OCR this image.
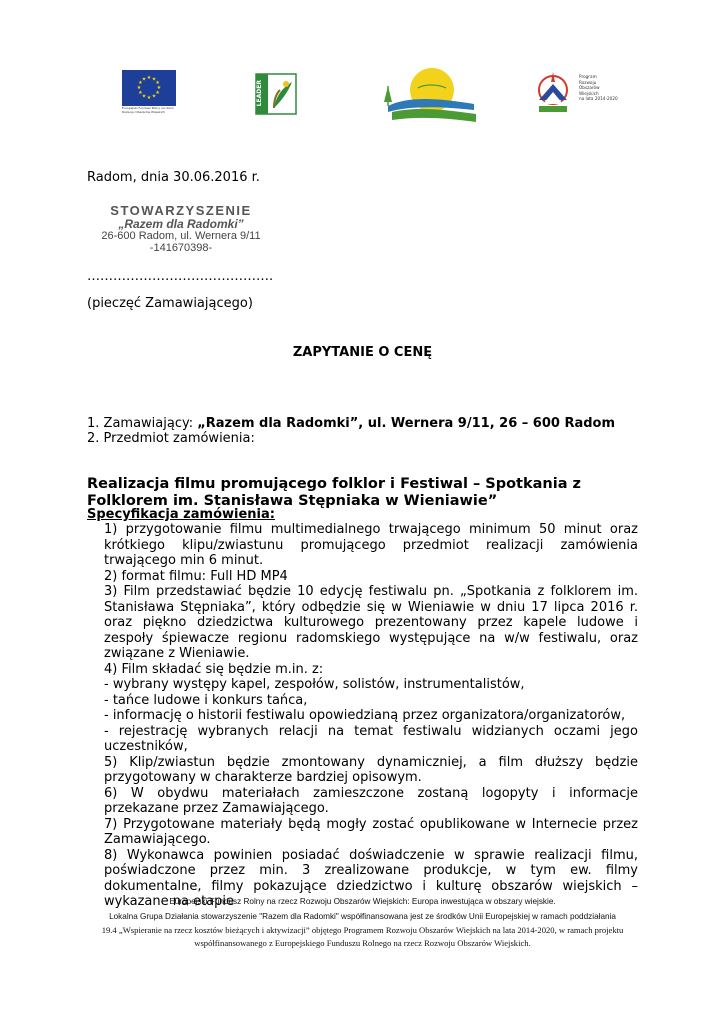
★ ★
★
★
★
★
★
★
★
★
★
★
Europejski Fundusz Rolny na rzecz Rozwoju Obszarów Wiejskich
LEADER
Program
Rozwoju
Obszarów
Wiejskich
na lata 2014-2020
Radom, dnia 30.06.2016 r.
STOWARZYSZENIE
„Razem dla Radomki”
26-600 Radom, ul. Wernera 9/11
-141670398-
…………………………………….
(pieczęć Zamawiającego)
ZAPYTANIE O CENĘ
1. Zamawiający: „Razem dla Radomki”, ul. Wernera 9/11, 26 – 600 Radom
2. Przedmiot zamówienia:
Realizacja filmu promującego folklor i Festiwal – Spotkania z Folklorem im. Stanisława Stępniaka w Wieniawie”
Specyfikacja zamówienia:

1) przygotowanie filmu multimedialnego trwającego minimum 50 minut oraz krótkiego klipu/zwiastunu promującego przedmiot realizacji zamówienia trwającego min 6 minut.

2) format filmu: Full HD MP4

3) Film przedstawiać będzie 10 edycję festiwalu pn. „Spotkania z folklorem im. Stanisława Stępniaka”, który odbędzie się w Wieniawie w dniu 17 lipca 2016 r. oraz piękno dziedzictwa kulturowego prezentowany przez kapele ludowe i zespoły śpiewacze regionu radomskiego występujące na w/w festiwalu, oraz związane z Wieniawie.

4) Film składać się będzie m.in. z:

- wybrany występy kapel, zespołów, solistów, instrumentalistów,

- tańce ludowe i konkurs tańca,

- informację o historii festiwalu opowiedzianą przez organizatora/organizatorów,

- rejestrację wybranych relacji na temat festiwalu widzianych oczami jego uczestników,

5) Klip/zwiastun będzie zmontowany dynamiczniej, a film dłuższy będzie przygotowany w charakterze bardziej opisowym.

6) W obydwu materiałach zamieszczone zostaną logopyty i informacje przekazane przez Zamawiającego.

7) Przygotowane materiały będą mogły zostać opublikowane w Internecie przez Zamawiającego.

8) Wykonawca powinien posiadać doświadczenie w sprawie realizacji filmu, poświadczone przez min. 3 zrealizowane produkcje, w tym ew. filmy dokumentalne, filmy pokazujące dziedzictwo i kulturę obszarów wiejskich – wykazane na etapie

Europejski Fundusz Rolny na rzecz Rozwoju Obszarów Wiejskich: Europa inwestująca w obszary wiejskie.
Lokalna Grupa Działania stowarzyszenie "Razem dla Radomki" współfinansowana jest ze środków Unii Europejskiej w ramach poddziałania
19.4 „Wspieranie na rzecz kosztów bieżących i aktywizacji” objętego Programem Rozwoju Obszarów Wiejskich na lata 2014-2020, w ramach projektu
współfinansowanego z Europejskiego Funduszu Rolnego na rzecz Rozwoju Obszarów Wiejskich.
